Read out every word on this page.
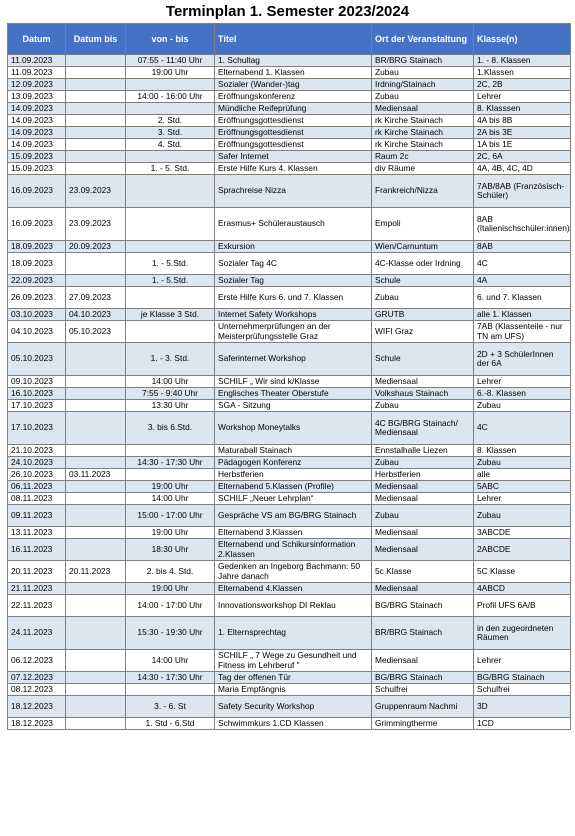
Terminplan 1. Semester 2023/2024
Datum	Datum bis	von - bis	Titel	Ort der Veranstaltung	Klasse(n)
11.09.2023		07:55 - 11:40 Uhr	1. Schultag	BR/BRG Stainach	1. - 8. Klassen
11.09.2023		19:00 Uhr	Elternabend 1. Klassen	Zubau	1.Klassen
12.09.2023			Sozialer (Wander-)tag	Irdning/Stainach	2C, 2B
13.09.2023		14:00 - 16:00 Uhr	Eröffnungskonferenz	Zubau	Lehrer
14.09.2023			Mündliche Reifeprüfung	Mediensaal	8. Klasssen
14.09.2023		2. Std.	Eröffnungsgottesdienst	rk Kirche Stainach	4A bis 8B
14.09.2023		3. Std.	Eröffnungsgottesdienst	rk Kirche Stainach	2A bis 3E
14.09.2023		4. Std.	Eröffnungsgottesdienst	rk Kirche Stainach	1A bis 1E
15.09.2023			Safer Internet	Raum 2c	2C, 6A
15.09.2023		1. - 5. Std.	Erste Hilfe Kurs 4. Klassen	div Räume	4A, 4B, 4C, 4D
16.09.2023	23.09.2023		Sprachreise Nizza	Frankreich/Nizza	7AB/8AB (Französisch-Schüler)
16.09.2023	23.09.2023		Erasmus+ Schüleraustausch	Empoli	8AB (Italienischschüler:innen)
18.09.2023	20.09.2023		Exkursion	Wien/Carnuntum	8AB
18.09.2023		1. - 5.Std.	Sozialer Tag 4C	4C-Klasse oder Irdning	4C
22.09.2023		1. - 5.Std.	Sozialer Tag	Schule	4A
26.09.2023	27.09.2023		Erste Hilfe Kurs 6. und 7. Klassen	Zubau	6. und 7. Klassen
03.10.2023	04.10.2023	je Klasse 3 Std.	Internet Safety Workshops	GRUTB	alle 1. Klassen
04.10.2023	05.10.2023		Unternehmerprüfungen an der Meisterprüfungsstelle Graz	WIFI Graz	7AB (Klassenteile - nur TN am UFS)
05.10.2023		1. - 3. Std.	Saferinternet Workshop	Schule	2D + 3 SchülerInnen der 6A
09.10.2023		14:00 Uhr	SCHILF „ Wir sind k/Klasse	Mediensaal	Lehrer
16.10.2023		7:55 - 9:40 Uhr	Englisches Theater Oberstufe	Volkshaus Stainach	6.-8. Klassen
17.10.2023		13:30 Uhr	SGA - Sitzung	Zubau	Zubau
17.10.2023		3. bis 6.Std.	Workshop Moneytalks	4C BG/BRG Stainach/ Mediensaal	4C
21.10.2023			Maturaball Stainach	Ennstalhalle Liezen	8. Klassen
24.10.2023		14:30 - 17:30 Uhr	Pädagogen Konferenz	Zubau	Zubau
26.10.2023	03.11.2023		Herbstferien	Herbstferien	alle
06.11.2023		19:00 Uhr	Elternabend 5.Klassen (Profile)	Mediensaal	5ABC
08.11.2023		14:00 Uhr	SCHILF „Neuer Lehrplan“	Mediensaal	Lehrer
09.11.2023		15:00 - 17:00 Uhr	Gespräche VS am BG/BRG Stainach	Zubau	Zubau
13.11.2023		19:00 Uhr	Elternabend 3.Klassen	Mediensaal	3ABCDE
16.11.2023		18:30 Uhr	Elternabend und Schikursinformation 2.Klassen	Mediensaal	2ABCDE
20.11.2023	20.11.2023	2. bis 4. Std.	Gedenken an Ingeborg Bachmann: 50 Jahre danach	5c Klasse	5C Klasse
21.11.2023		19:00 Uhr	Elternabend 4.Klassen	Mediensaal	4ABCD
22.11.2023		14:00 - 17:00 Uhr	Innovationsworkshop DI Reklau	BG/BRG Stainach	Profil UFS 6A/B
24.11.2023		15:30 - 19:30 Uhr	1. Elternsprechtag	BR/BRG Stainach	in den zugeordneten Räumen
06.12.2023		14:00 Uhr	SCHILF „ 7 Wege zu Gesundheit und Fitness im Lehrberuf "	Mediensaal	Lehrer
07.12.2023		14:30 - 17:30 Uhr	Tag der offenen Tür	BG/BRG Stainach	BG/BRG Stainach
08.12.2023			Maria Empfängnis	Schulfrei	Schulfrei
18.12.2023		3. - 6. St	Safety Security Workshop	Gruppenraum Nachmi	3D
18.12.2023		1. Std - 6.Std	Schwimmkurs 1.CD Klassen	Grimmingtherme	1CD
